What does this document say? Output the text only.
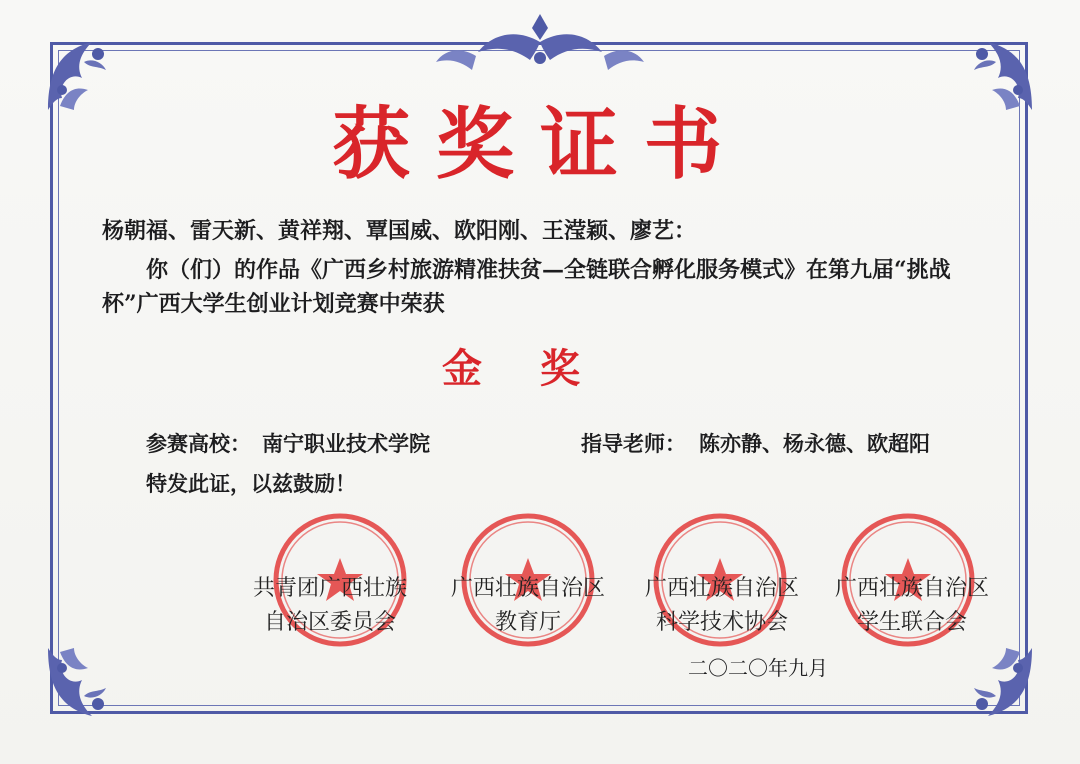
获奖证书
杨朝福、雷天新、黄祥翔、覃国威、欧阳刚、王滢颖、廖艺：
你（们）的作品《广西乡村旅游精准扶贫—全链联合孵化服务模式》在第九届“挑战杯”广西大学生创业计划竞赛中荣获
金奖
参赛高校： 南宁职业技术学院	指导老师： 陈亦静、杨永德、欧超阳
特发此证，以兹鼓励！
共青团广西壮族
自治区委员会
广西壮族自治区
教育厅
广西壮族自治区
科学技术协会
广西壮族自治区
学生联合会
二〇二〇年九月
